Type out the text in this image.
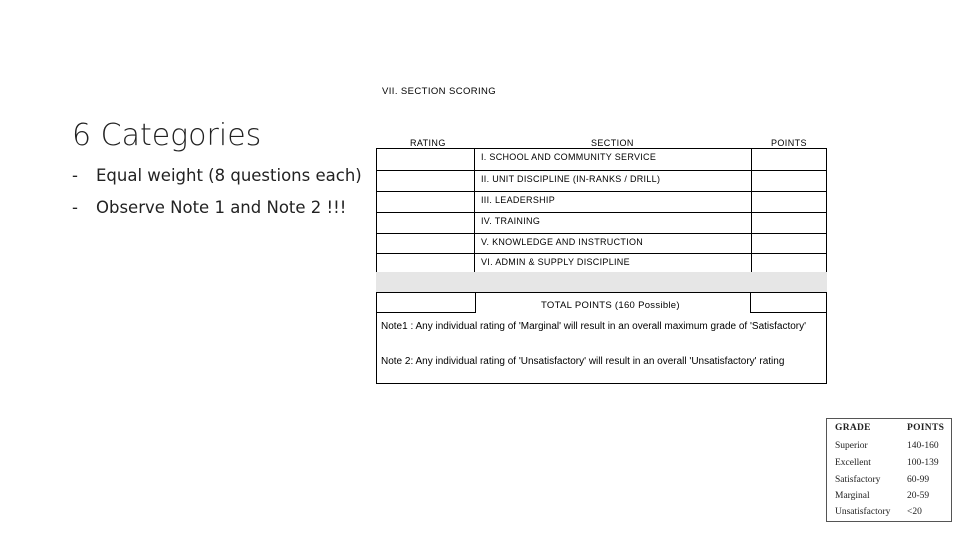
6 Categories
- Equal weight (8 questions each)
- Observe Note 1 and Note 2 !!!
VII. SECTION SCORING
RATING	SECTION	POINTS
I. SCHOOL AND COMMUNITY SERVICE
II. UNIT DISCIPLINE (IN-RANKS / DRILL)
III. LEADERSHIP
IV. TRAINING
V. KNOWLEDGE AND INSTRUCTION
VI. ADMIN & SUPPLY DISCIPLINE
TOTAL POINTS (160 Possible)
Note1 : Any individual rating of 'Marginal' will result in an overall maximum grade of 'Satisfactory'
Note 2: Any individual rating of 'Unsatisfactory' will result in an overall 'Unsatisfactory' rating
GRADE	POINTS
Superior	140-160
Excellent	100-139
Satisfactory	60-99
Marginal	20-59
Unsatisfactory <20
